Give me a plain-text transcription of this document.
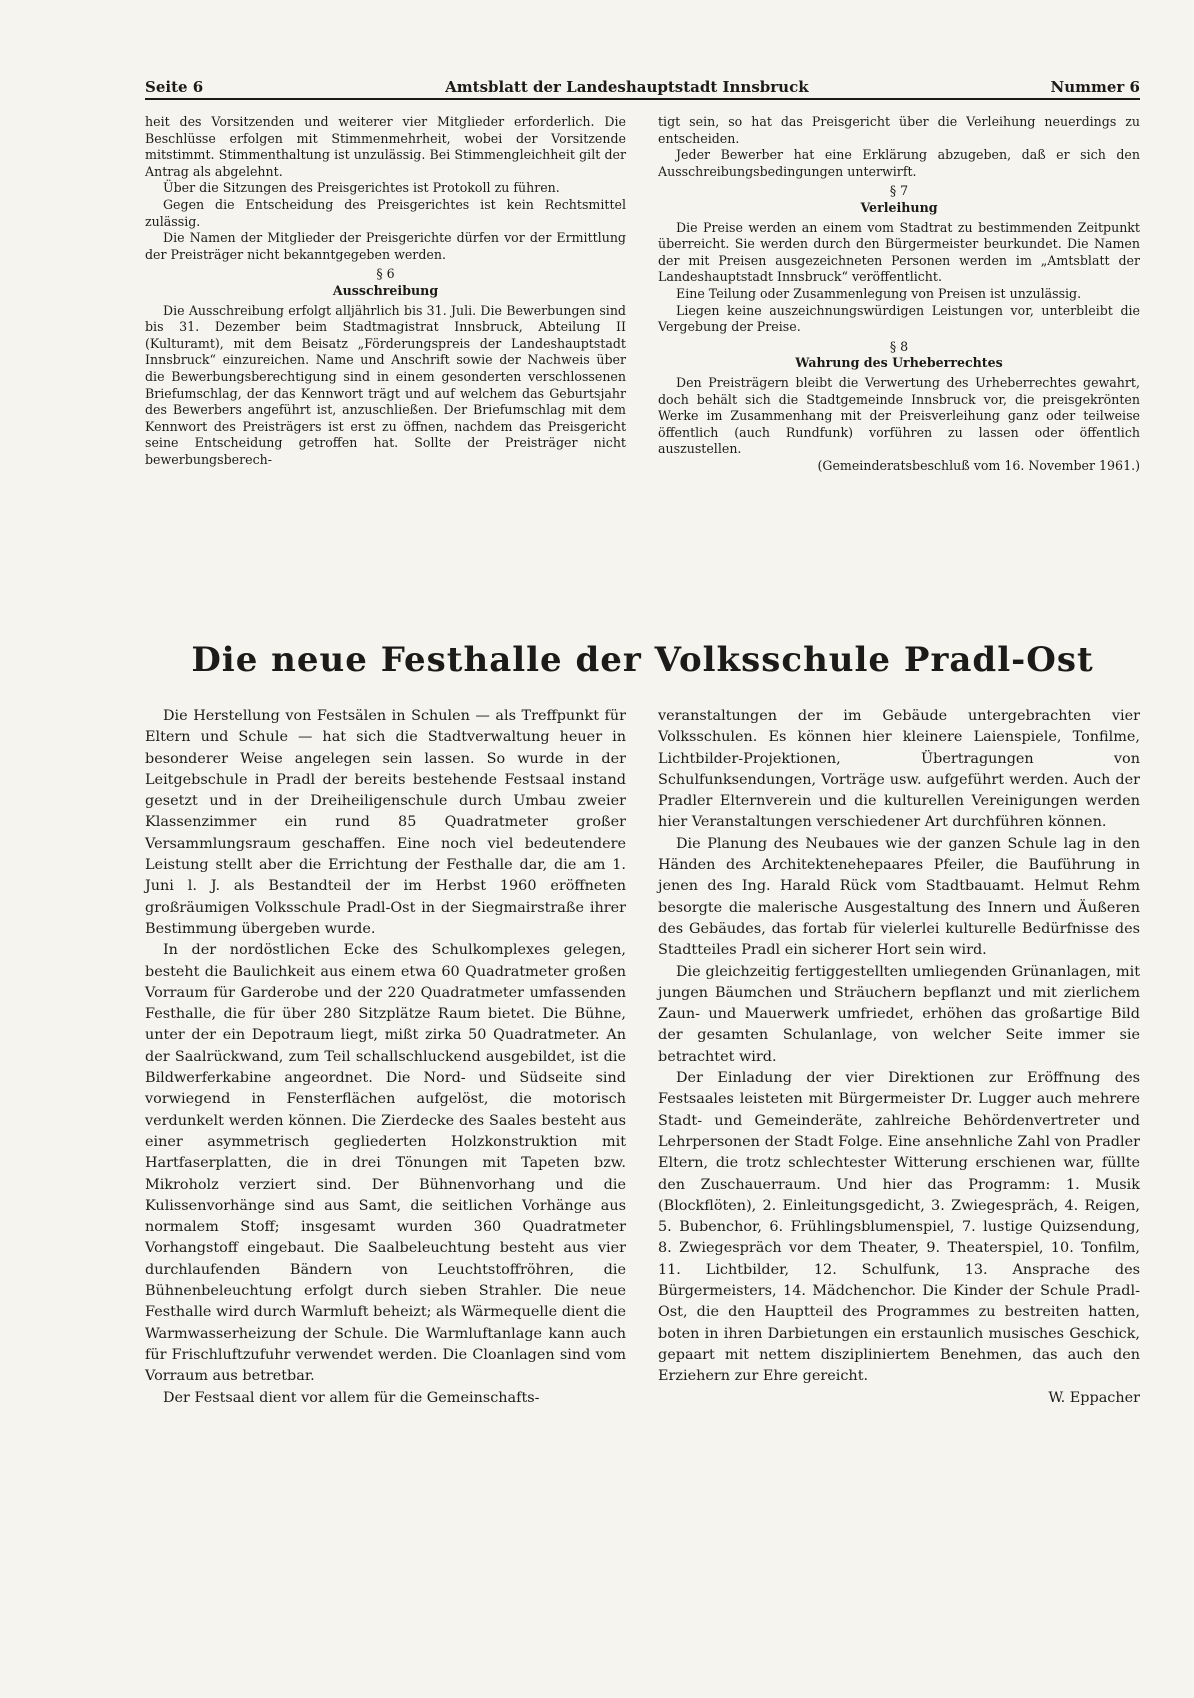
Seite 6	Amtsblatt der Landeshauptstadt Innsbruck	Nummer 6

heit des Vorsitzenden und weiterer vier Mitglieder erforderlich. Die Beschlüsse erfolgen mit Stimmenmehrheit, wobei der Vorsitzende mitstimmt. Stimmenthaltung ist unzulässig. Bei Stimmengleichheit gilt der Antrag als abgelehnt.

Über die Sitzungen des Preisgerichtes ist Protokoll zu führen.

Gegen die Entscheidung des Preisgerichtes ist kein Rechtsmittel zulässig.

Die Namen der Mitglieder der Preisgerichte dürfen vor der Ermittlung der Preisträger nicht bekanntgegeben werden.

§ 6

Ausschreibung

Die Ausschreibung erfolgt alljährlich bis 31. Juli. Die Bewerbungen sind bis 31. Dezember beim Stadtmagistrat Innsbruck, Abteilung II (Kulturamt), mit dem Beisatz „Förderungspreis der Landeshauptstadt Innsbruck“ einzureichen. Name und Anschrift sowie der Nachweis über die Bewerbungsberechtigung sind in einem gesonderten verschlossenen Briefumschlag, der das Kennwort trägt und auf welchem das Geburtsjahr des Bewerbers angeführt ist, anzuschließen. Der Briefumschlag mit dem Kennwort des Preisträgers ist erst zu öffnen, nachdem das Preisgericht seine Entscheidung getroffen hat. Sollte der Preisträger nicht bewerbungsberech-

tigt sein, so hat das Preisgericht über die Verleihung neuerdings zu entscheiden.

Jeder Bewerber hat eine Erklärung abzugeben, daß er sich den Ausschreibungsbedingungen unterwirft.

§ 7

Verleihung

Die Preise werden an einem vom Stadtrat zu bestimmenden Zeitpunkt überreicht. Sie werden durch den Bürgermeister beurkundet. Die Namen der mit Preisen ausgezeichneten Personen werden im „Amtsblatt der Landeshauptstadt Innsbruck“ veröffentlicht.

Eine Teilung oder Zusammenlegung von Preisen ist unzulässig.

Liegen keine auszeichnungswürdigen Leistungen vor, unterbleibt die Vergebung der Preise.

§ 8

Wahrung des Urheberrechtes

Den Preisträgern bleibt die Verwertung des Urheberrechtes gewahrt, doch behält sich die Stadtgemeinde Innsbruck vor, die preisgekrönten Werke im Zusammenhang mit der Preisverleihung ganz oder teilweise öffentlich (auch Rundfunk) vorführen zu lassen oder öffentlich auszustellen.

(Gemeinderatsbeschluß vom 16. November 1961.)

Die neue Festhalle der Volksschule Pradl-Ost

Die Herstellung von Festsälen in Schulen — als Treffpunkt für Eltern und Schule — hat sich die Stadtverwaltung heuer in besonderer Weise angelegen sein lassen. So wurde in der Leitgebschule in Pradl der bereits bestehende Festsaal instand gesetzt und in der Dreiheiligenschule durch Umbau zweier Klassenzimmer ein rund 85 Quadratmeter großer Versammlungsraum geschaffen. Eine noch viel bedeutendere Leistung stellt aber die Errichtung der Festhalle dar, die am 1. Juni l. J. als Bestandteil der im Herbst 1960 eröffneten großräumigen Volksschule Pradl-Ost in der Siegmairstraße ihrer Bestimmung übergeben wurde.

In der nordöstlichen Ecke des Schulkomplexes gelegen, besteht die Baulichkeit aus einem etwa 60 Quadratmeter großen Vorraum für Garderobe und der 220 Quadratmeter umfassenden Festhalle, die für über 280 Sitzplätze Raum bietet. Die Bühne, unter der ein Depotraum liegt, mißt zirka 50 Quadratmeter. An der Saalrückwand, zum Teil schallschluckend ausgebildet, ist die Bildwerferkabine angeordnet. Die Nord- und Südseite sind vorwiegend in Fensterflächen aufgelöst, die motorisch verdunkelt werden können. Die Zierdecke des Saales besteht aus einer asymmetrisch gegliederten Holzkonstruktion mit Hartfaserplatten, die in drei Tönungen mit Tapeten bzw. Mikroholz verziert sind. Der Bühnenvorhang und die Kulissenvorhänge sind aus Samt, die seitlichen Vorhänge aus normalem Stoff; insgesamt wurden 360 Quadratmeter Vorhangstoff eingebaut. Die Saalbeleuchtung besteht aus vier durchlaufenden Bändern von Leuchtstoffröhren, die Bühnenbeleuchtung erfolgt durch sieben Strahler. Die neue Festhalle wird durch Warmluft beheizt; als Wärmequelle dient die Warmwasserheizung der Schule. Die Warmluftanlage kann auch für Frischluftzufuhr verwendet werden. Die Cloanlagen sind vom Vorraum aus betretbar.

Der Festsaal dient vor allem für die Gemeinschafts-

veranstaltungen der im Gebäude untergebrachten vier Volksschulen. Es können hier kleinere Laienspiele, Tonfilme, Lichtbilder-Projektionen, Übertragungen von Schulfunksendungen, Vorträge usw. aufgeführt werden. Auch der Pradler Elternverein und die kulturellen Vereinigungen werden hier Veranstaltungen verschiedener Art durchführen können.

Die Planung des Neubaues wie der ganzen Schule lag in den Händen des Architektenehepaares Pfeiler, die Bauführung in jenen des Ing. Harald Rück vom Stadtbauamt. Helmut Rehm besorgte die malerische Ausgestaltung des Innern und Äußeren des Gebäudes, das fortab für vielerlei kulturelle Bedürfnisse des Stadtteiles Pradl ein sicherer Hort sein wird.

Die gleichzeitig fertiggestellten umliegenden Grünanlagen, mit jungen Bäumchen und Sträuchern bepflanzt und mit zierlichem Zaun- und Mauerwerk umfriedet, erhöhen das großartige Bild der gesamten Schulanlage, von welcher Seite immer sie betrachtet wird.

Der Einladung der vier Direktionen zur Eröffnung des Festsaales leisteten mit Bürgermeister Dr. Lugger auch mehrere Stadt- und Gemeinderäte, zahlreiche Behördenvertreter und Lehrpersonen der Stadt Folge. Eine ansehnliche Zahl von Pradler Eltern, die trotz schlechtester Witterung erschienen war, füllte den Zuschauerraum. Und hier das Programm: 1. Musik (Blockflöten), 2. Einleitungsgedicht, 3. Zwiegespräch, 4. Reigen, 5. Bubenchor, 6. Frühlingsblumenspiel, 7. lustige Quizsendung, 8. Zwiegespräch vor dem Theater, 9. Theaterspiel, 10. Tonfilm, 11. Lichtbilder, 12. Schulfunk, 13. Ansprache des Bürgermeisters, 14. Mädchenchor. Die Kinder der Schule Pradl-Ost, die den Hauptteil des Programmes zu bestreiten hatten, boten in ihren Darbietungen ein erstaunlich musisches Geschick, gepaart mit nettem diszipliniertem Benehmen, das auch den Erziehern zur Ehre gereicht.

W. Eppacher
